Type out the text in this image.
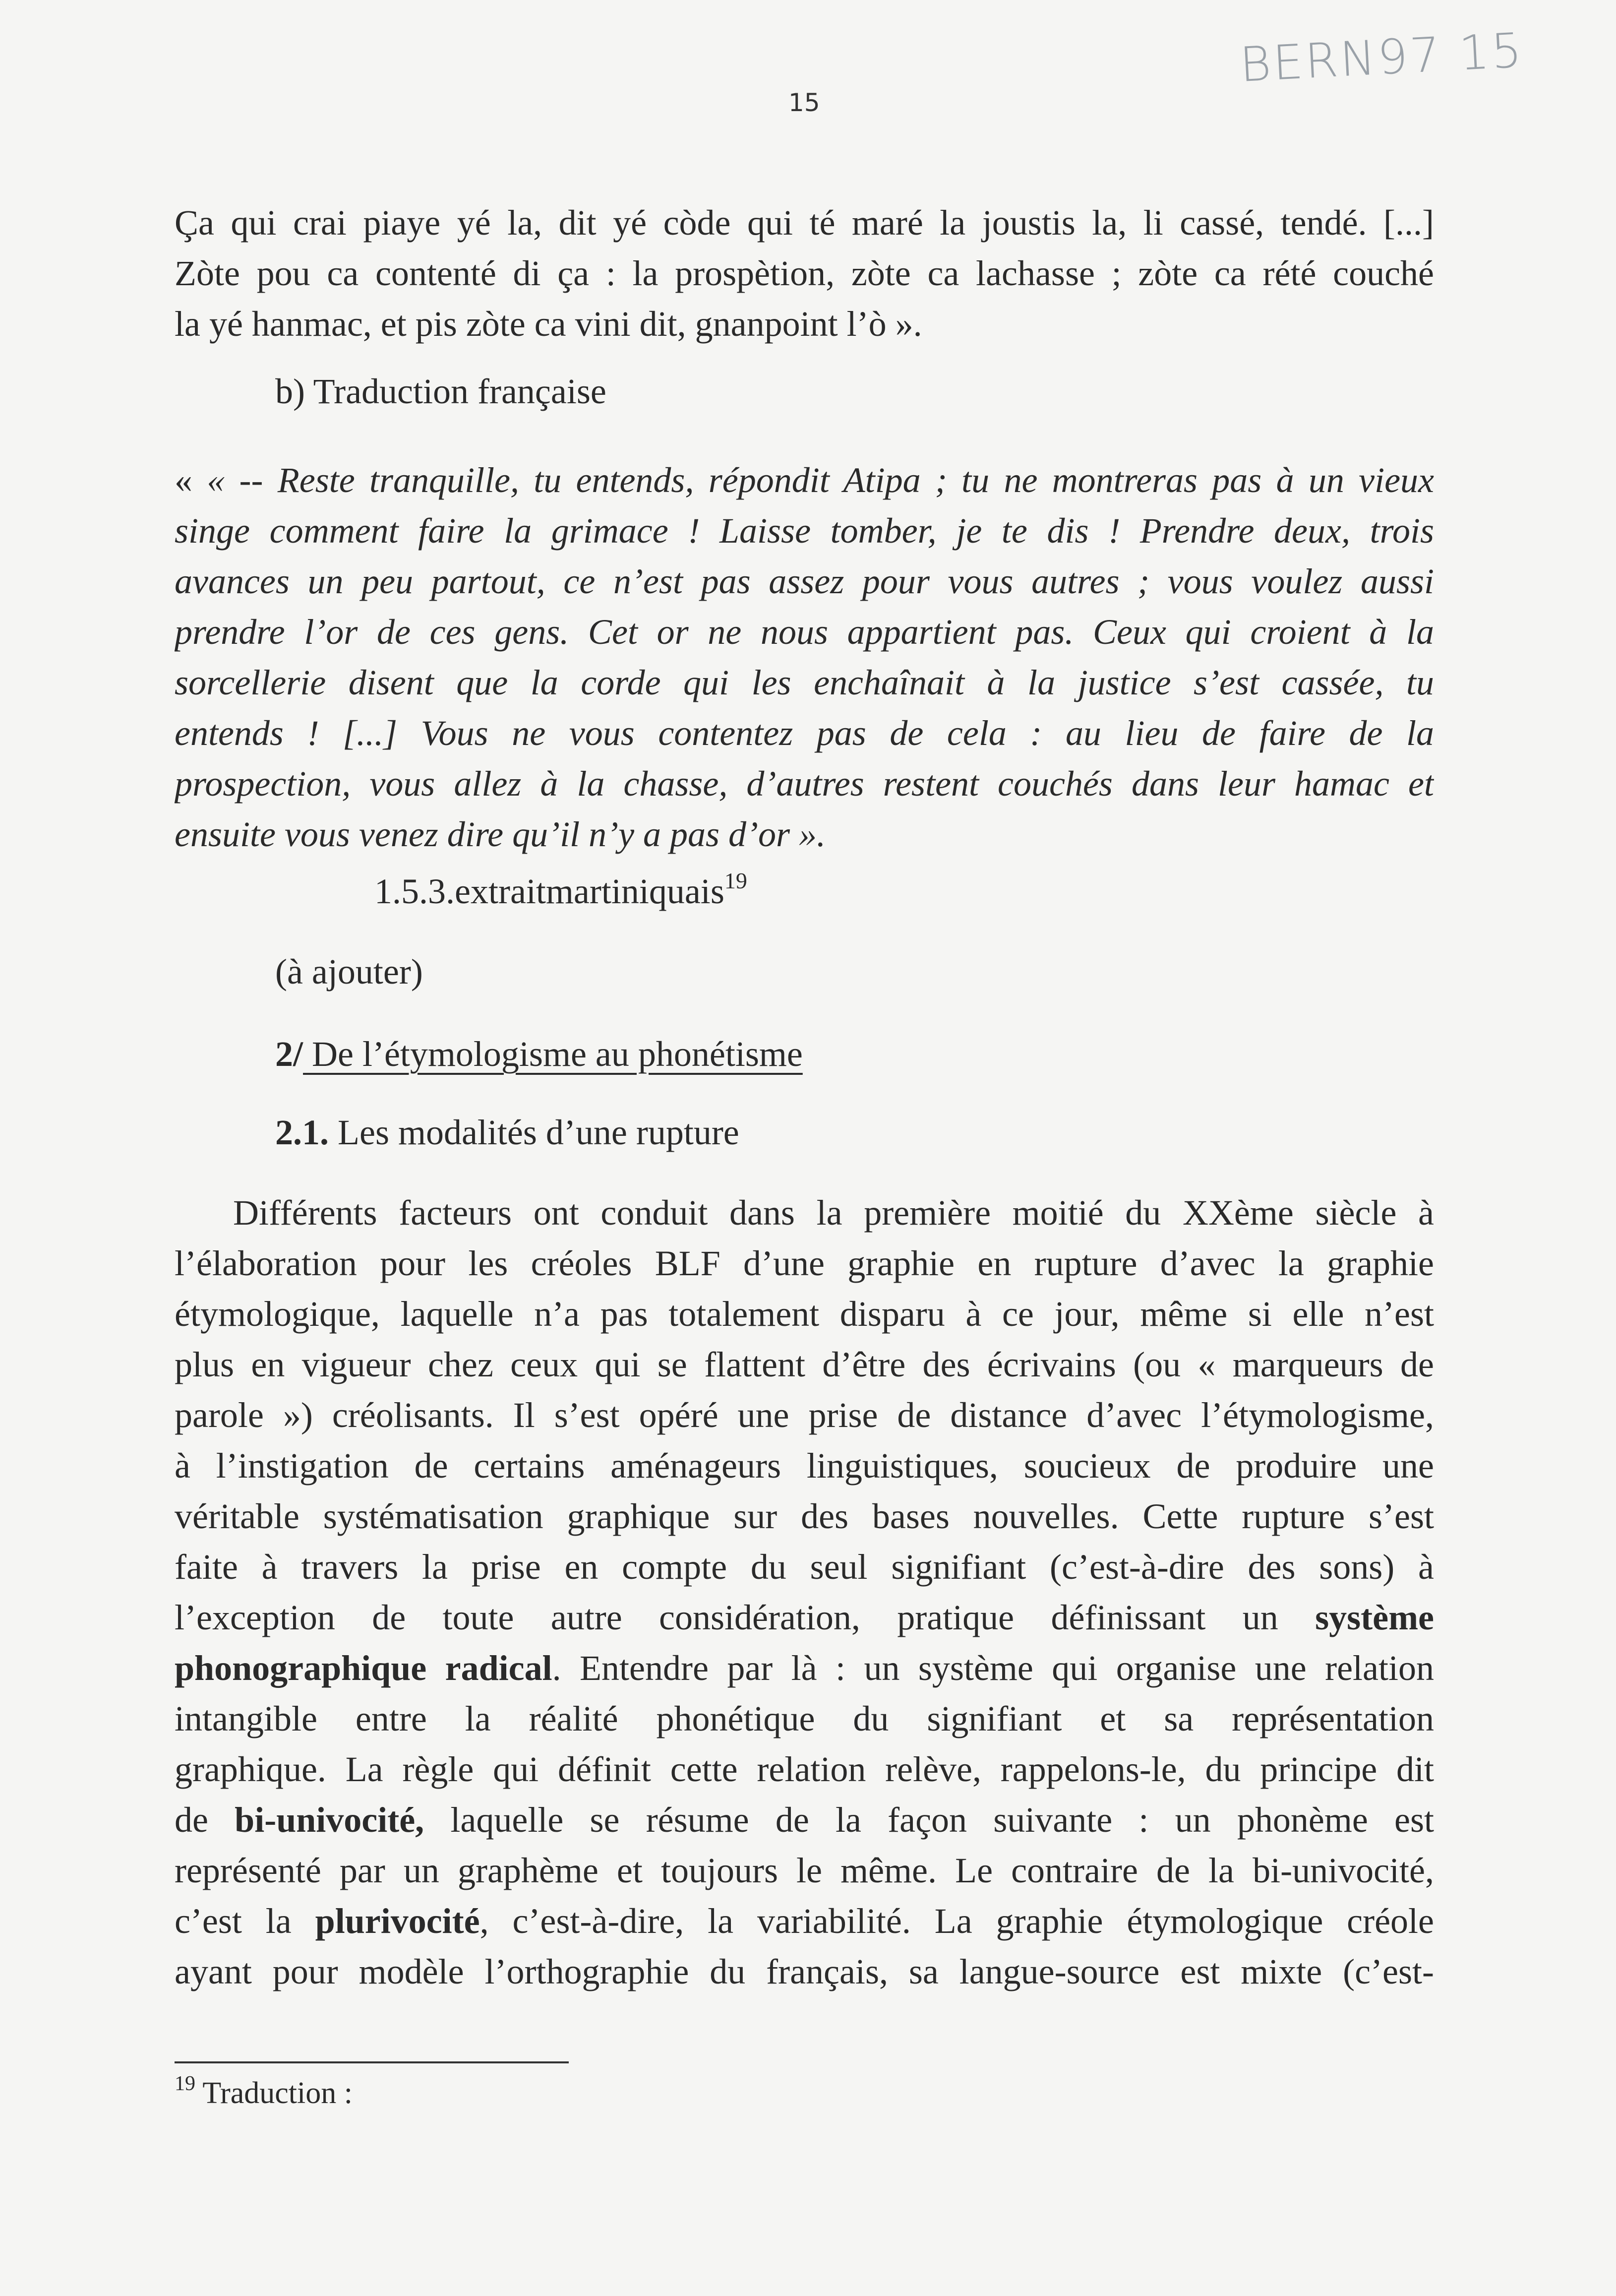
BERN97 15
15
Ça qui crai piaye yé la, dit yé còde qui té maré la joustis la, li cassé, tendé. [...]
Zòte pou ca contenté di ça : la prospètion, zòte ca lachasse ; zòte ca rété couché
la yé hanmac, et pis zòte ca vini dit, gnanpoint l’ò ».
b) Traduction française
« « -- Reste tranquille, tu entends, répondit Atipa ; tu ne montreras pas à un vieux
singe comment faire la grimace ! Laisse tomber, je te dis ! Prendre deux, trois
avances un peu partout, ce n’est pas assez pour vous autres ; vous voulez aussi
prendre l’or de ces gens. Cet or ne nous appartient pas. Ceux qui croient à la
sorcellerie disent que la corde qui les enchaînait à la justice s’est cassée, tu
entends ! [...] Vous ne vous contentez pas de cela : au lieu de faire de la
prospection, vous allez à la chasse, d’autres restent couchés dans leur hamac et
ensuite vous venez dire qu’il n’y a pas d’or ».
1.5.3.extraitmartiniquais$^{19}$
(à ajouter)
2/ De l’étymologisme au phonétisme
2.1. Les modalités d’une rupture
Différents facteurs ont conduit dans la première moitié du XXème siècle à
l’élaboration pour les créoles BLF d’une graphie en rupture d’avec la graphie
étymologique, laquelle n’a pas totalement disparu à ce jour, même si elle n’est
plus en vigueur chez ceux qui se flattent d’être des écrivains (ou « marqueurs de
parole ») créolisants. Il s’est opéré une prise de distance d’avec l’étymologisme,
à l’instigation de certains aménageurs linguistiques, soucieux de produire une
véritable systématisation graphique sur des bases nouvelles. Cette rupture s’est
faite à travers la prise en compte du seul signifiant (c’est-à-dire des sons) à
l’exception de toute autre considération, pratique définissant un système
phonographique radical. Entendre par là : un système qui organise une relation
intangible entre la réalité phonétique du signifiant et sa représentation
graphique. La règle qui définit cette relation relève, rappelons-le, du principe dit
de bi-univocité, laquelle se résume de la façon suivante : un phonème est
représenté par un graphème et toujours le même. Le contraire de la bi-univocité,
c’est la plurivocité, c’est-à-dire, la variabilité. La graphie étymologique créole
ayant pour modèle l’orthographie du français, sa langue-source est mixte (c’est-
$^{19}$ Traduction :
